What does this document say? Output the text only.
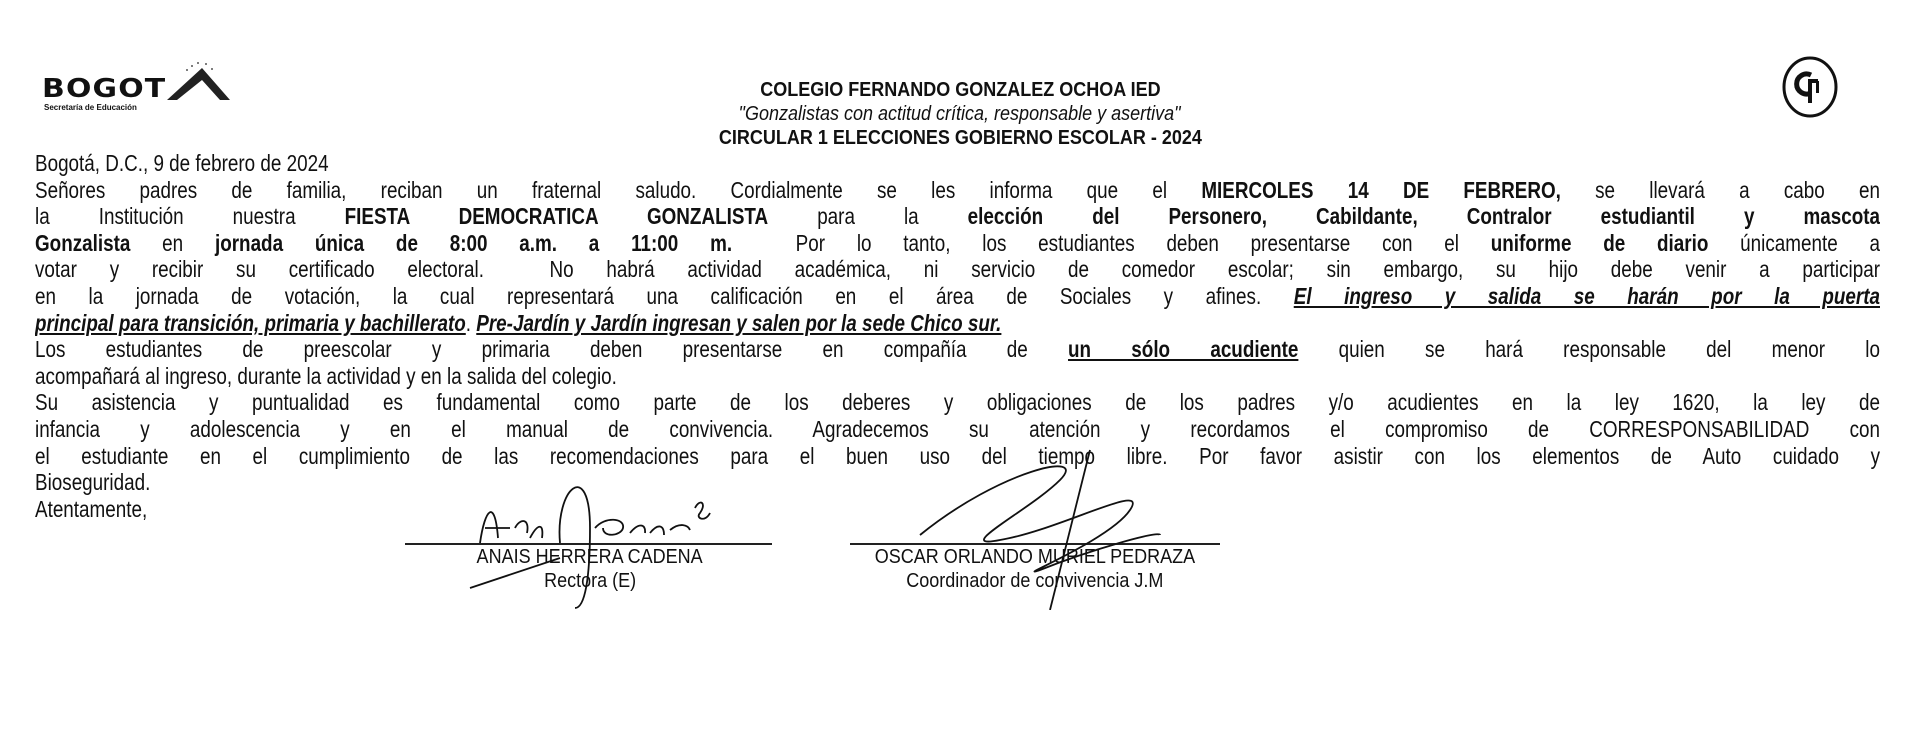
BOGOT
Secretaría de Educación
COLEGIO FERNANDO GONZALEZ OCHOA IED
"Gonzalistas con actitud crítica, responsable y asertiva"
CIRCULAR 1 ELECCIONES GOBIERNO ESCOLAR - 2024
Bogotá, D.C., 9 de febrero de 2024
Señores padres de familia, reciban un fraternal saludo. Cordialmente se les informa que el MIERCOLES 14 DE FEBRERO, se llevará a cabo en
la Institución nuestra FIESTA DEMOCRATICA GONZALISTA para la elección del Personero, Cabildante, Contralor estudiantil y mascota
Gonzalista en jornada única de 8:00 a.m. a 11:00 m.  Por lo tanto, los estudiantes deben presentarse con el uniforme de diario únicamente a
votar y recibir su certificado electoral.  No habrá actividad académica, ni servicio de comedor escolar; sin embargo, su hijo debe venir a participar
en la jornada de votación, la cual representará una calificación en el área de Sociales y afines. El ingreso y salida se harán por la puerta
principal para transición, primaria y bachillerato. Pre-Jardín y Jardín ingresan y salen por la sede Chico sur.
Los estudiantes de preescolar y primaria deben presentarse en compañía de un sólo acudiente quien se hará responsable del menor lo
acompañará al ingreso, durante la actividad y en la salida del colegio.
Su asistencia y puntualidad es fundamental como parte de los deberes y obligaciones de los padres y/o acudientes en la ley 1620, la ley de
infancia y adolescencia y en el manual de convivencia. Agradecemos su atención y recordamos el compromiso de CORRESPONSABILIDAD con
el estudiante en el cumplimiento de las recomendaciones para el buen uso del tiempo libre. Por favor asistir con los elementos de Auto cuidado y
Bioseguridad.
Atentamente,
ANAIS HERRERA CADENA
Rectora (E)
OSCAR ORLANDO MURIEL PEDRAZA
Coordinador de convivencia J.M
